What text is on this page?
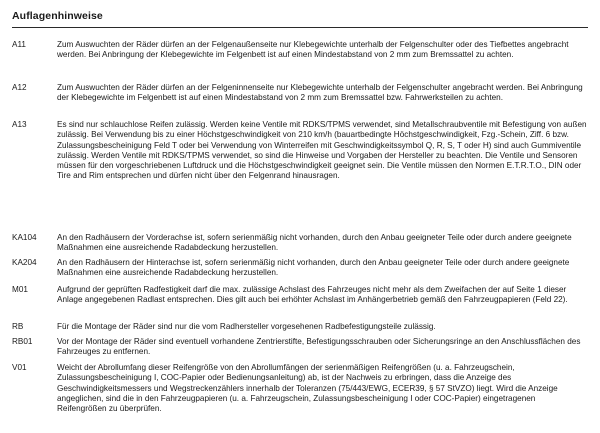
Auflagenhinweise
A11	Zum Auswuchten der Räder dürfen an der Felgenaußenseite nur Klebegewichte unterhalb der Felgenschulter oder des Tiefbettes angebracht werden. Bei Anbringung der Klebegewichte im Felgenbett ist auf einen Mindestabstand von 2 mm zum Bremssattel zu achten.
A12	Zum Auswuchten der Räder dürfen an der Felgeninnenseite nur Klebegewichte unterhalb der Felgenschulter angebracht werden. Bei Anbringung der Klebegewichte im Felgenbett ist auf einen Mindestabstand von 2 mm zum Bremssattel bzw. Fahrwerksteilen zu achten.
A13	Es sind nur schlauchlose Reifen zulässig. Werden keine Ventile mit RDKS/TPMS verwendet, sind Metallschraubventile mit Befestigung von außen zulässig. Bei Verwendung bis zu einer Höchstgeschwindigkeit von 210 km/h (bauartbedingte Höchstgeschwindigkeit, Fzg.-Schein, Ziff. 6 bzw. Zulassungsbescheinigung Feld T oder bei Verwendung von Winterreifen mit Geschwindigkeitssymbol Q, R, S, T oder H) sind auch Gummiventile zulässig. Werden Ventile mit RDKS/TPMS verwendet, so sind die Hinweise und Vorgaben der Hersteller zu beachten. Die Ventile und Sensoren müssen für den vorgeschriebenen Luftdruck und die Höchstgeschwindigkeit geeignet sein. Die Ventile müssen den Normen E.T.R.T.O., DIN oder Tire and Rim entsprechen und dürfen nicht über den Felgenrand hinausragen.
KA104	An den Radhäusern der Vorderachse ist, sofern serienmäßig nicht vorhanden, durch den Anbau geeigneter Teile oder durch andere geeignete Maßnahmen eine ausreichende Radabdeckung herzustellen.
KA204	An den Radhäusern der Hinterachse ist, sofern serienmäßig nicht vorhanden, durch den Anbau geeigneter Teile oder durch andere geeignete Maßnahmen eine ausreichende Radabdeckung herzustellen.
M01	Aufgrund der geprüften Radfestigkeit darf die max. zulässige Achslast des Fahrzeuges nicht mehr als dem Zweifachen der auf Seite 1 dieser Anlage angegebenen Radlast entsprechen. Dies gilt auch bei erhöhter Achslast im Anhängerbetrieb gemäß den Fahrzeugpapieren (Feld 22).
RB	Für die Montage der Räder sind nur die vom Radhersteller vorgesehenen Radbefestigungsteile zulässig.
RB01	Vor der Montage der Räder sind eventuell vorhandene Zentrierstifte, Befestigungsschrauben oder Sicherungsringe an den Anschlussflächen des Fahrzeuges zu entfernen.
V01	Weicht der Abrollumfang dieser Reifengröße von den Abrollumfängen der serienmäßigen Reifengrößen (u. a. Fahrzeugschein, Zulassungsbescheinigung I, COC-Papier oder Bedienungsanleitung) ab, ist der Nachweis zu erbringen, dass die Anzeige des Geschwindigkeitsmessers und Wegstreckenzählers innerhalb der Toleranzen (75/443/EWG, ECER39, § 57 StVZO) liegt. Wird die Anzeige angeglichen, sind die in den Fahrzeugpapieren (u. a. Fahrzeugschein, Zulassungsbescheinigung I oder COC-Papier) eingetragenen Reifengrößen zu überprüfen.
